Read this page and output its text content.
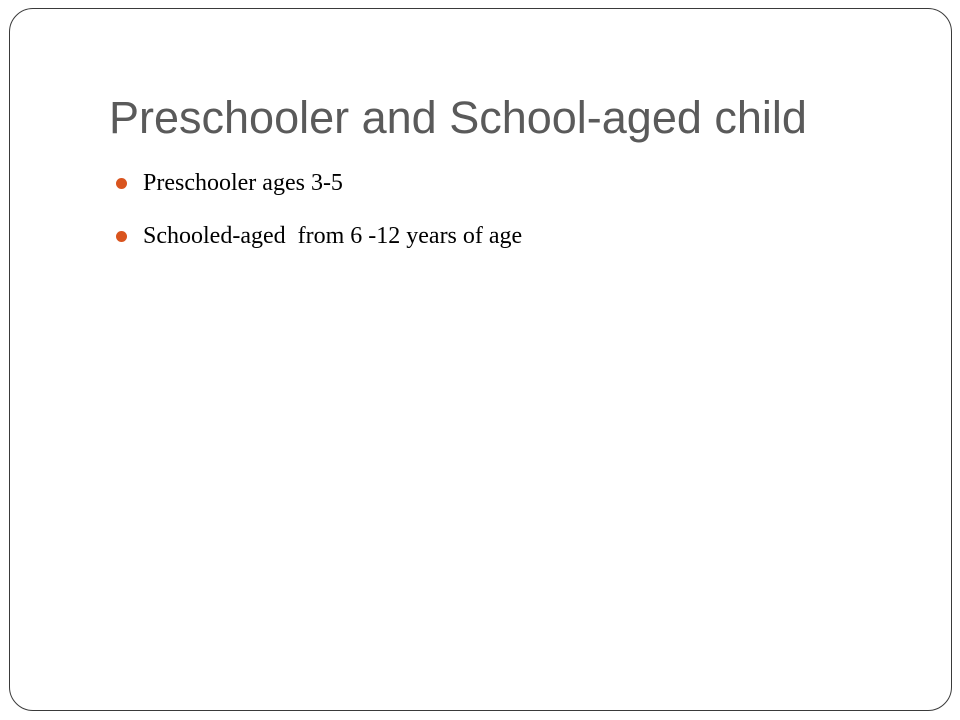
Preschooler and School-aged child
Preschooler ages 3-5
Schooled-aged  from 6 -12 years of age
